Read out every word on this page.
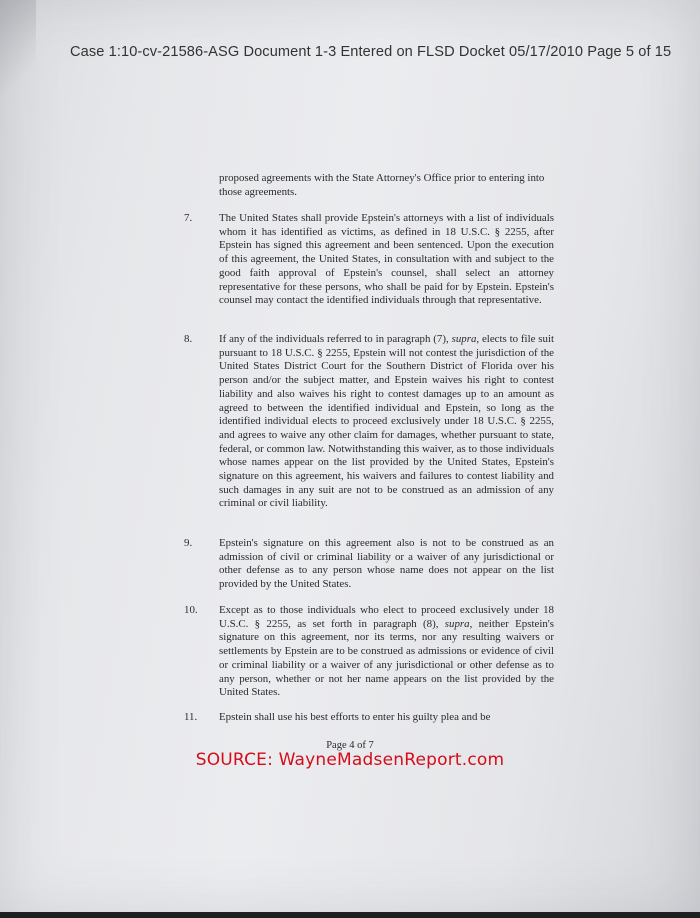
Case 1:10-cv-21586-ASG Document 1-3 Entered on FLSD Docket 05/17/2010 Page 5 of 15
proposed agreements with the State Attorney's Office prior to entering into those agreements.
7.	The United States shall provide Epstein's attorneys with a list of individuals whom it has identified as victims, as defined in 18 U.S.C. § 2255, after Epstein has signed this agreement and been sentenced. Upon the execution of this agreement, the United States, in consultation with and subject to the good faith approval of Epstein's counsel, shall select an attorney representative for these persons, who shall be paid for by Epstein. Epstein's counsel may contact the identified individuals through that representative.
8.	If any of the individuals referred to in paragraph (7), supra, elects to file suit pursuant to 18 U.S.C. § 2255, Epstein will not contest the jurisdiction of the United States District Court for the Southern District of Florida over his person and/or the subject matter, and Epstein waives his right to contest liability and also waives his right to contest damages up to an amount as agreed to between the identified individual and Epstein, so long as the identified individual elects to proceed exclusively under 18 U.S.C. § 2255, and agrees to waive any other claim for damages, whether pursuant to state, federal, or common law. Notwithstanding this waiver, as to those individuals whose names appear on the list provided by the United States, Epstein's signature on this agreement, his waivers and failures to contest liability and such damages in any suit are not to be construed as an admission of any criminal or civil liability.
9.	Epstein's signature on this agreement also is not to be construed as an admission of civil or criminal liability or a waiver of any jurisdictional or other defense as to any person whose name does not appear on the list provided by the United States.
10.	Except as to those individuals who elect to proceed exclusively under 18 U.S.C. § 2255, as set forth in paragraph (8), supra, neither Epstein's signature on this agreement, nor its terms, nor any resulting waivers or settlements by Epstein are to be construed as admissions or evidence of civil or criminal liability or a waiver of any jurisdictional or other defense as to any person, whether or not her name appears on the list provided by the United States.
11.	Epstein shall use his best efforts to enter his guilty plea and be
Page 4 of 7
SOURCE: WayneMadsenReport.com
